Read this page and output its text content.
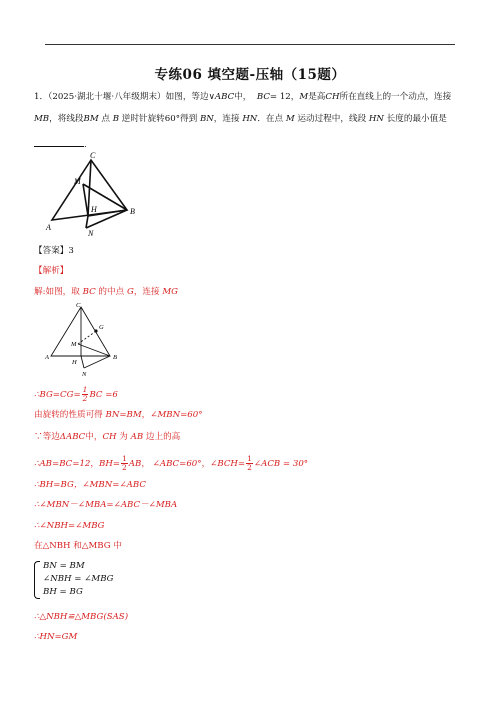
专练06 填空题-压轴（15题）
1．（2025·湖北十堰·八年级期末）如图，等边∨ABC中， BC= 12，M是高CH所在直线上的一个动点，连接
MB，将线段BM 点 B 逆时针旋转60°得到 BN，连接 HN．在点 M 运动过程中，线段 HN 长度的最小值是
.
C
M
H
A
B
N
【答案】3
【解析】
解:如图，取 BC 的中点 G，连接 MG
C
G
M
A
H
B
N
∴BG=CG= $\frac{1}{2}$ BC =6
由旋转的性质可得 BN=BM，∠MBN=60°
∵等边ΔABC中，CH 为 AB 边上的高
∴AB=BC=12，$BH= \frac{1}{2}$ AB， ∠ABC=60°，∠BCH= $\frac{1}{2}$ ∠ACB = 30°
∴BH=BG，∠MBN=∠ABC
∴∠MBN－∠MBA=∠ABC－∠MBA
∴∠NBH=∠MBG
在△NBH 和△MBG 中
BN = BM
∠NBH = ∠MBG
BH = BG
∴△NBH≌△MBG(SAS)
∴HN=GM
